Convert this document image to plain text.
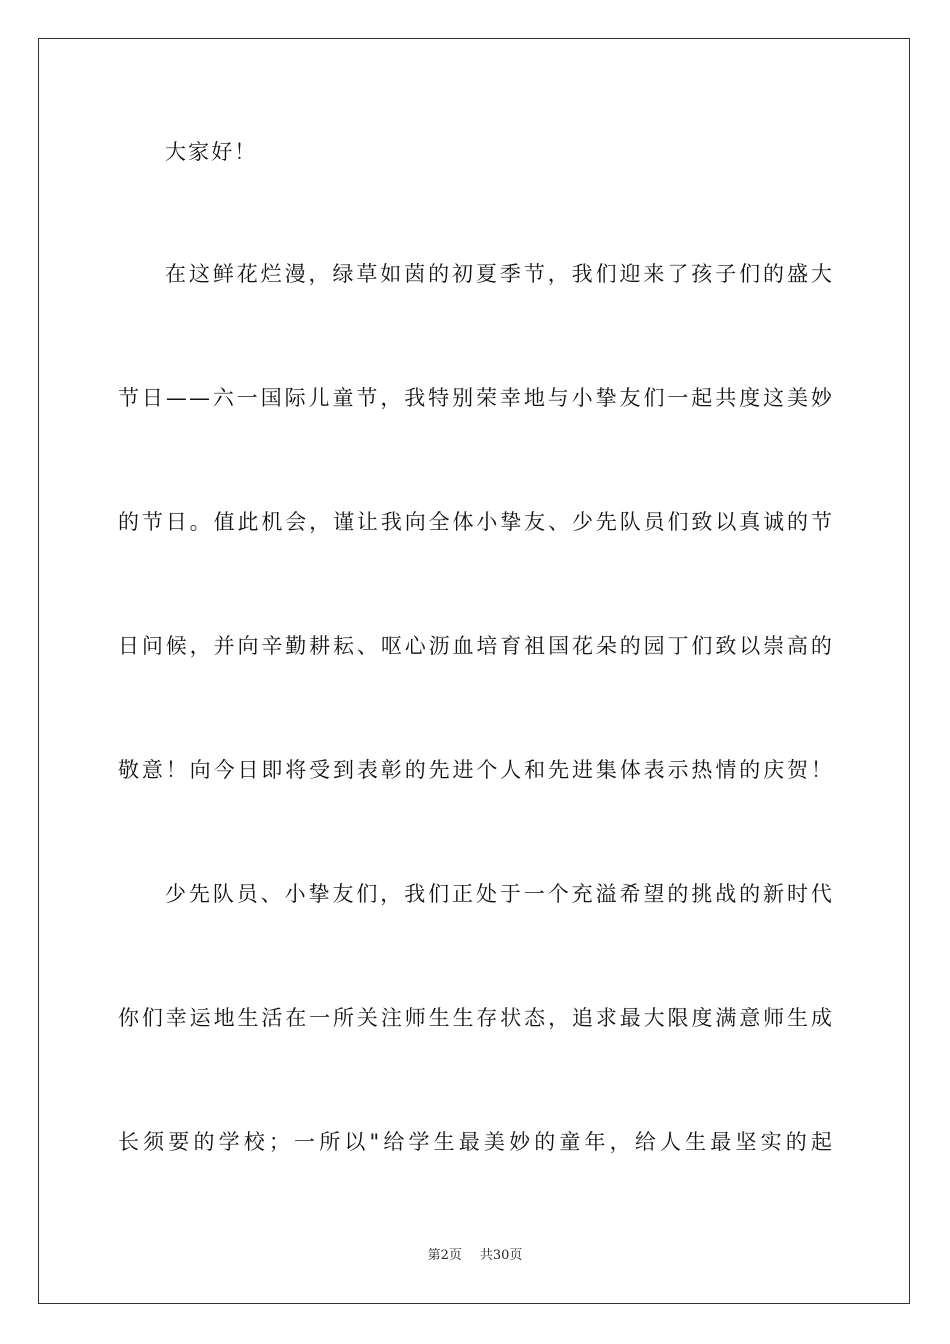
大家好！
在这鲜花烂漫，绿草如茵的初夏季节，我们迎来了孩子们的盛大
节日——六一国际儿童节，我特别荣幸地与小挚友们一起共度这美妙
的节日。值此机会，谨让我向全体小挚友、少先队员们致以真诚的节
日问候，并向辛勤耕耘、呕心沥血培育祖国花朵的园丁们致以崇高的
敬意！向今日即将受到表彰的先进个人和先进集体表示热情的庆贺！
少先队员、小挚友们，我们正处于一个充溢希望的挑战的新时代
你们幸运地生活在一所关注师生生存状态，追求最大限度满意师生成
长须要的学校；一所以"给学生最美妙的童年，给人生最坚实的起
第2页 共30页
